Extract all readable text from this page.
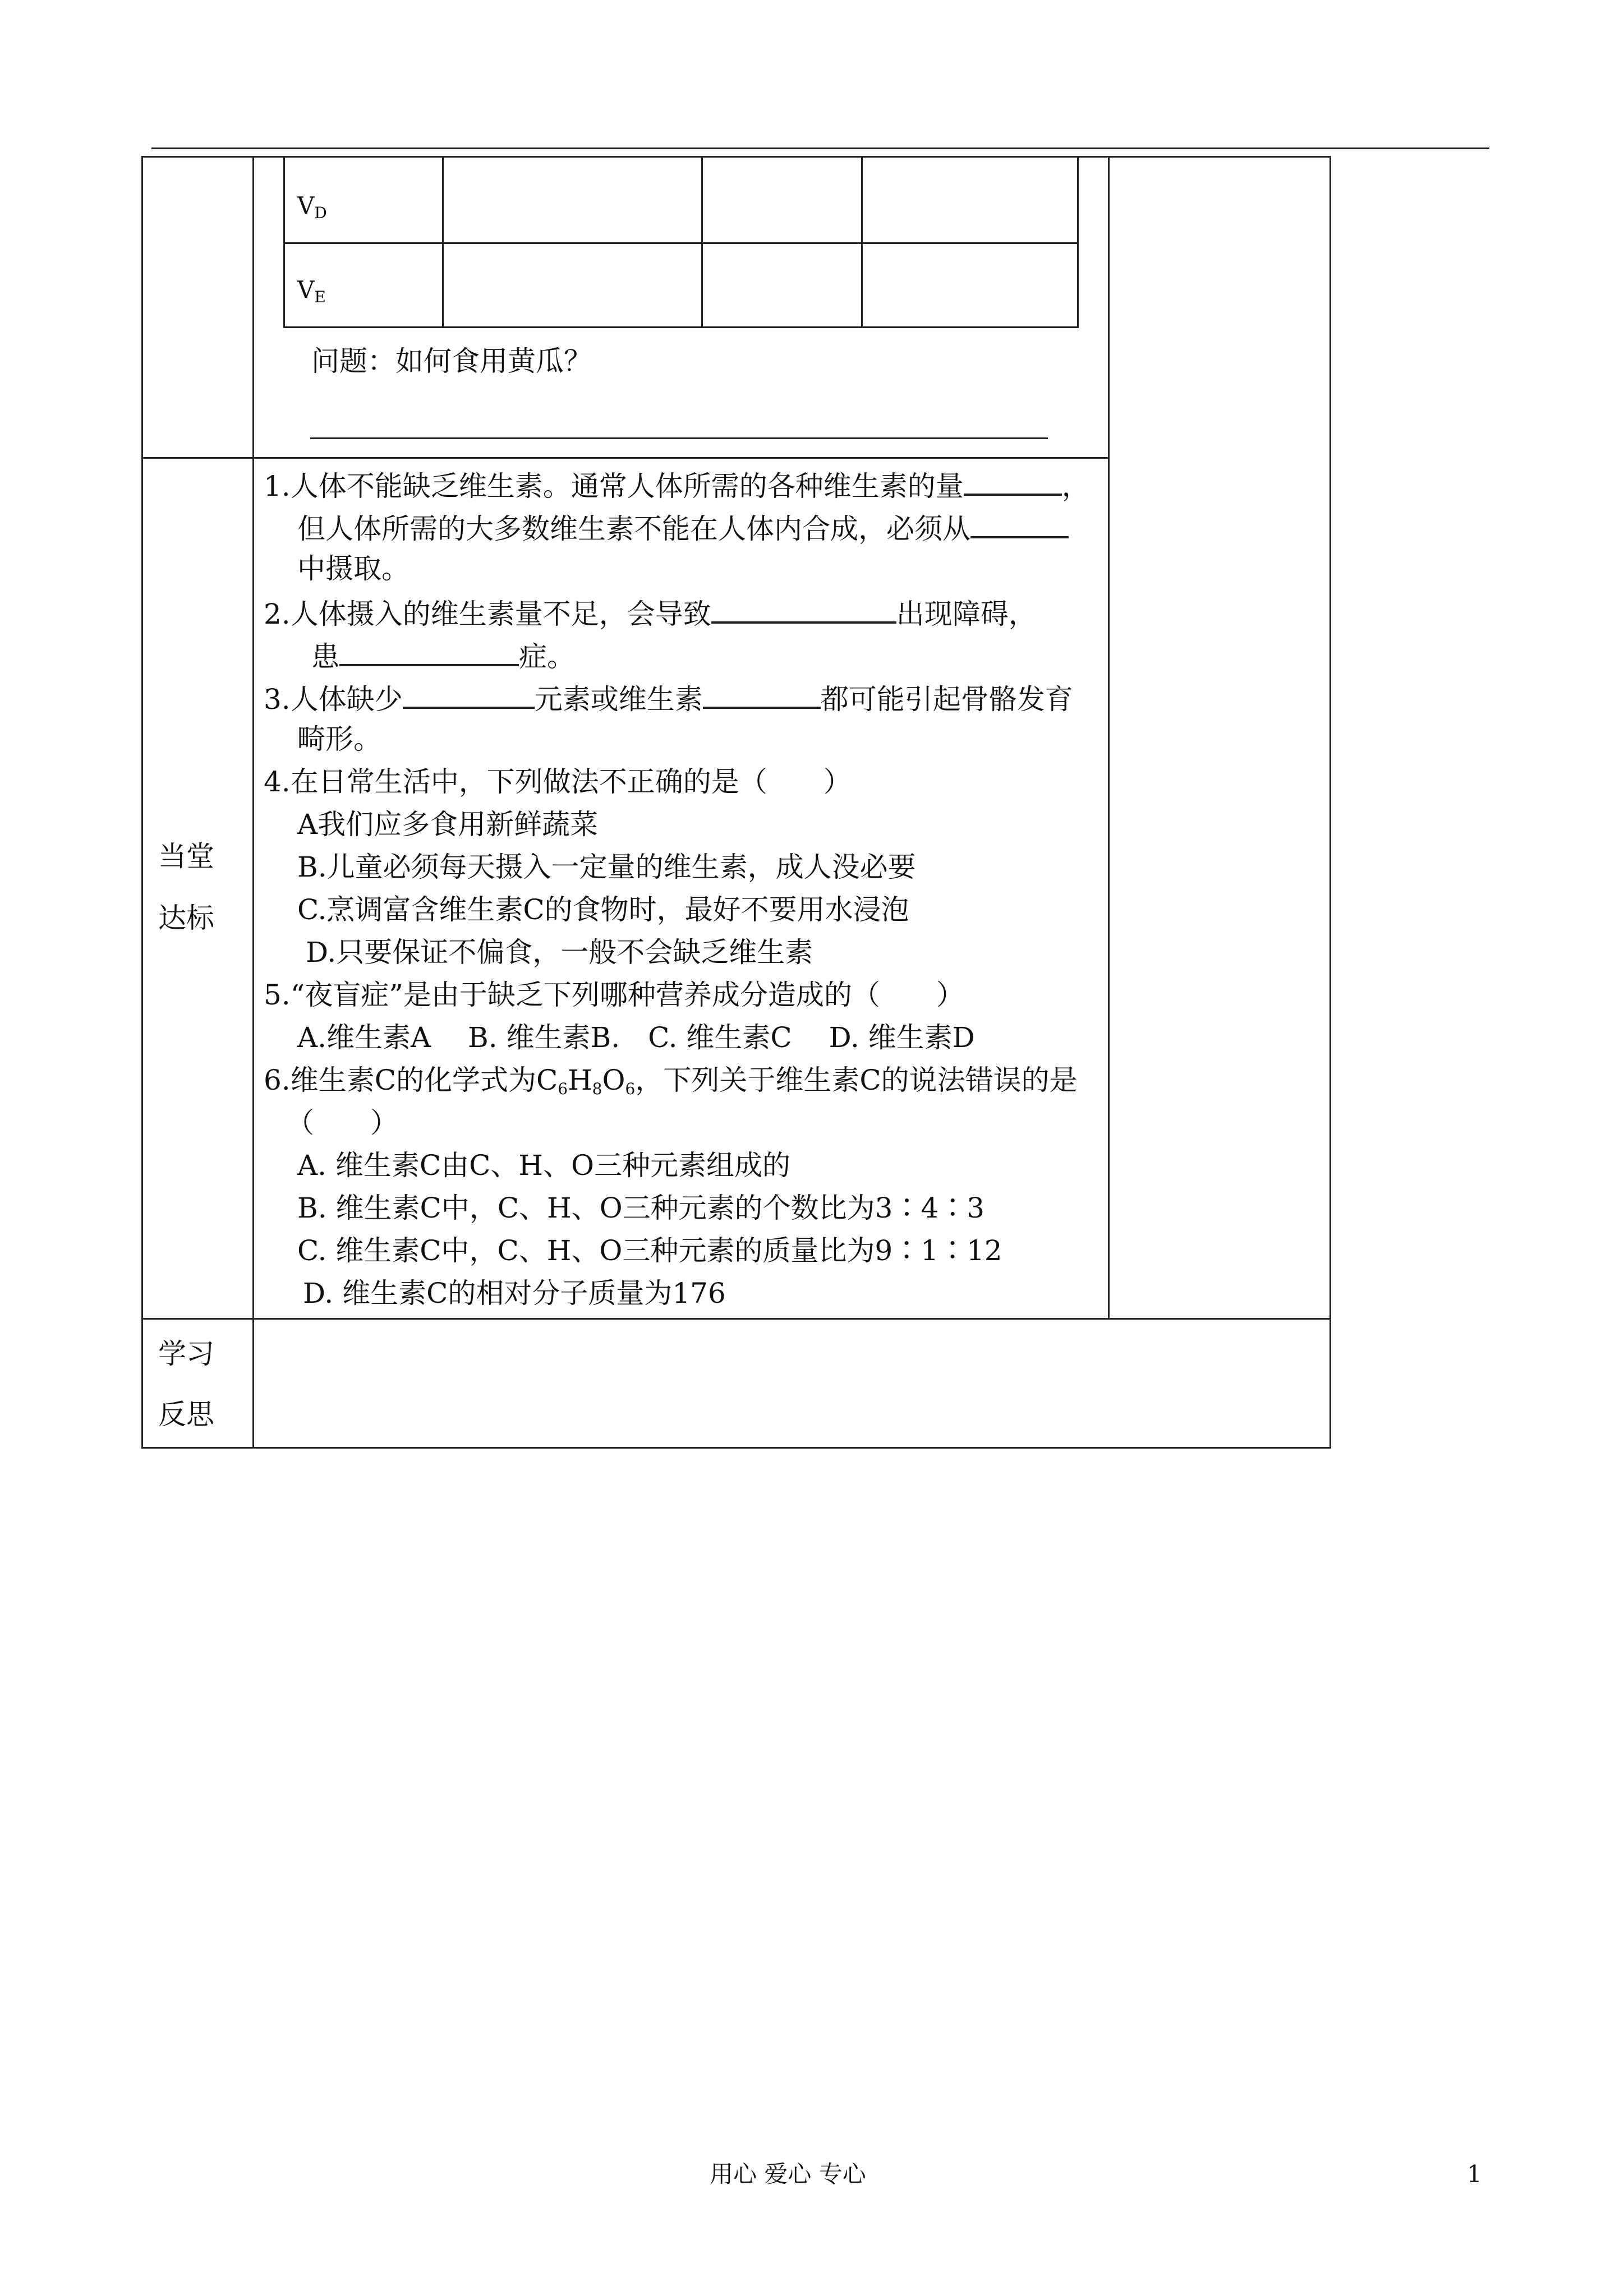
$V_D$
$V_E$
问题：如何食用黄瓜？
当堂
达标
学习
反思
1.人体不能缺乏维生素。通常人体所需的各种维生素的量	，
但人体所需的大多数维生素不能在人体内合成，必须从
中摄取。
2.人体摄入的维生素量不足，会导致	出现障碍，
患	症。
3.人体缺少	元素或维生素	都可能引起骨骼发育
畸形。
4.在日常生活中，下列做法不正确的是（　　）
A我们应多食用新鲜蔬菜
B.儿童必须每天摄入一定量的维生素，成人没必要
C.烹调富含维生素C的食物时，最好不要用水浸泡
D.只要保证不偏食，一般不会缺乏维生素
5.“夜盲症”是由于缺乏下列哪种营养成分造成的（　　）
A.维生素A　 B. 维生素B.　C. 维生素C　 D. 维生素D
6.维生素C的化学式为$C_6H_8O_6$，下列关于维生素C的说法错误的是
（　　）
A. 维生素C由C、H、O三种元素组成的
B. 维生素C中，C、H、O三种元素的个数比为3∶4∶3
C. 维生素C中，C、H、O三种元素的质量比为9∶1∶12
D. 维生素C的相对分子质量为176
用心 爱心 专心	1
